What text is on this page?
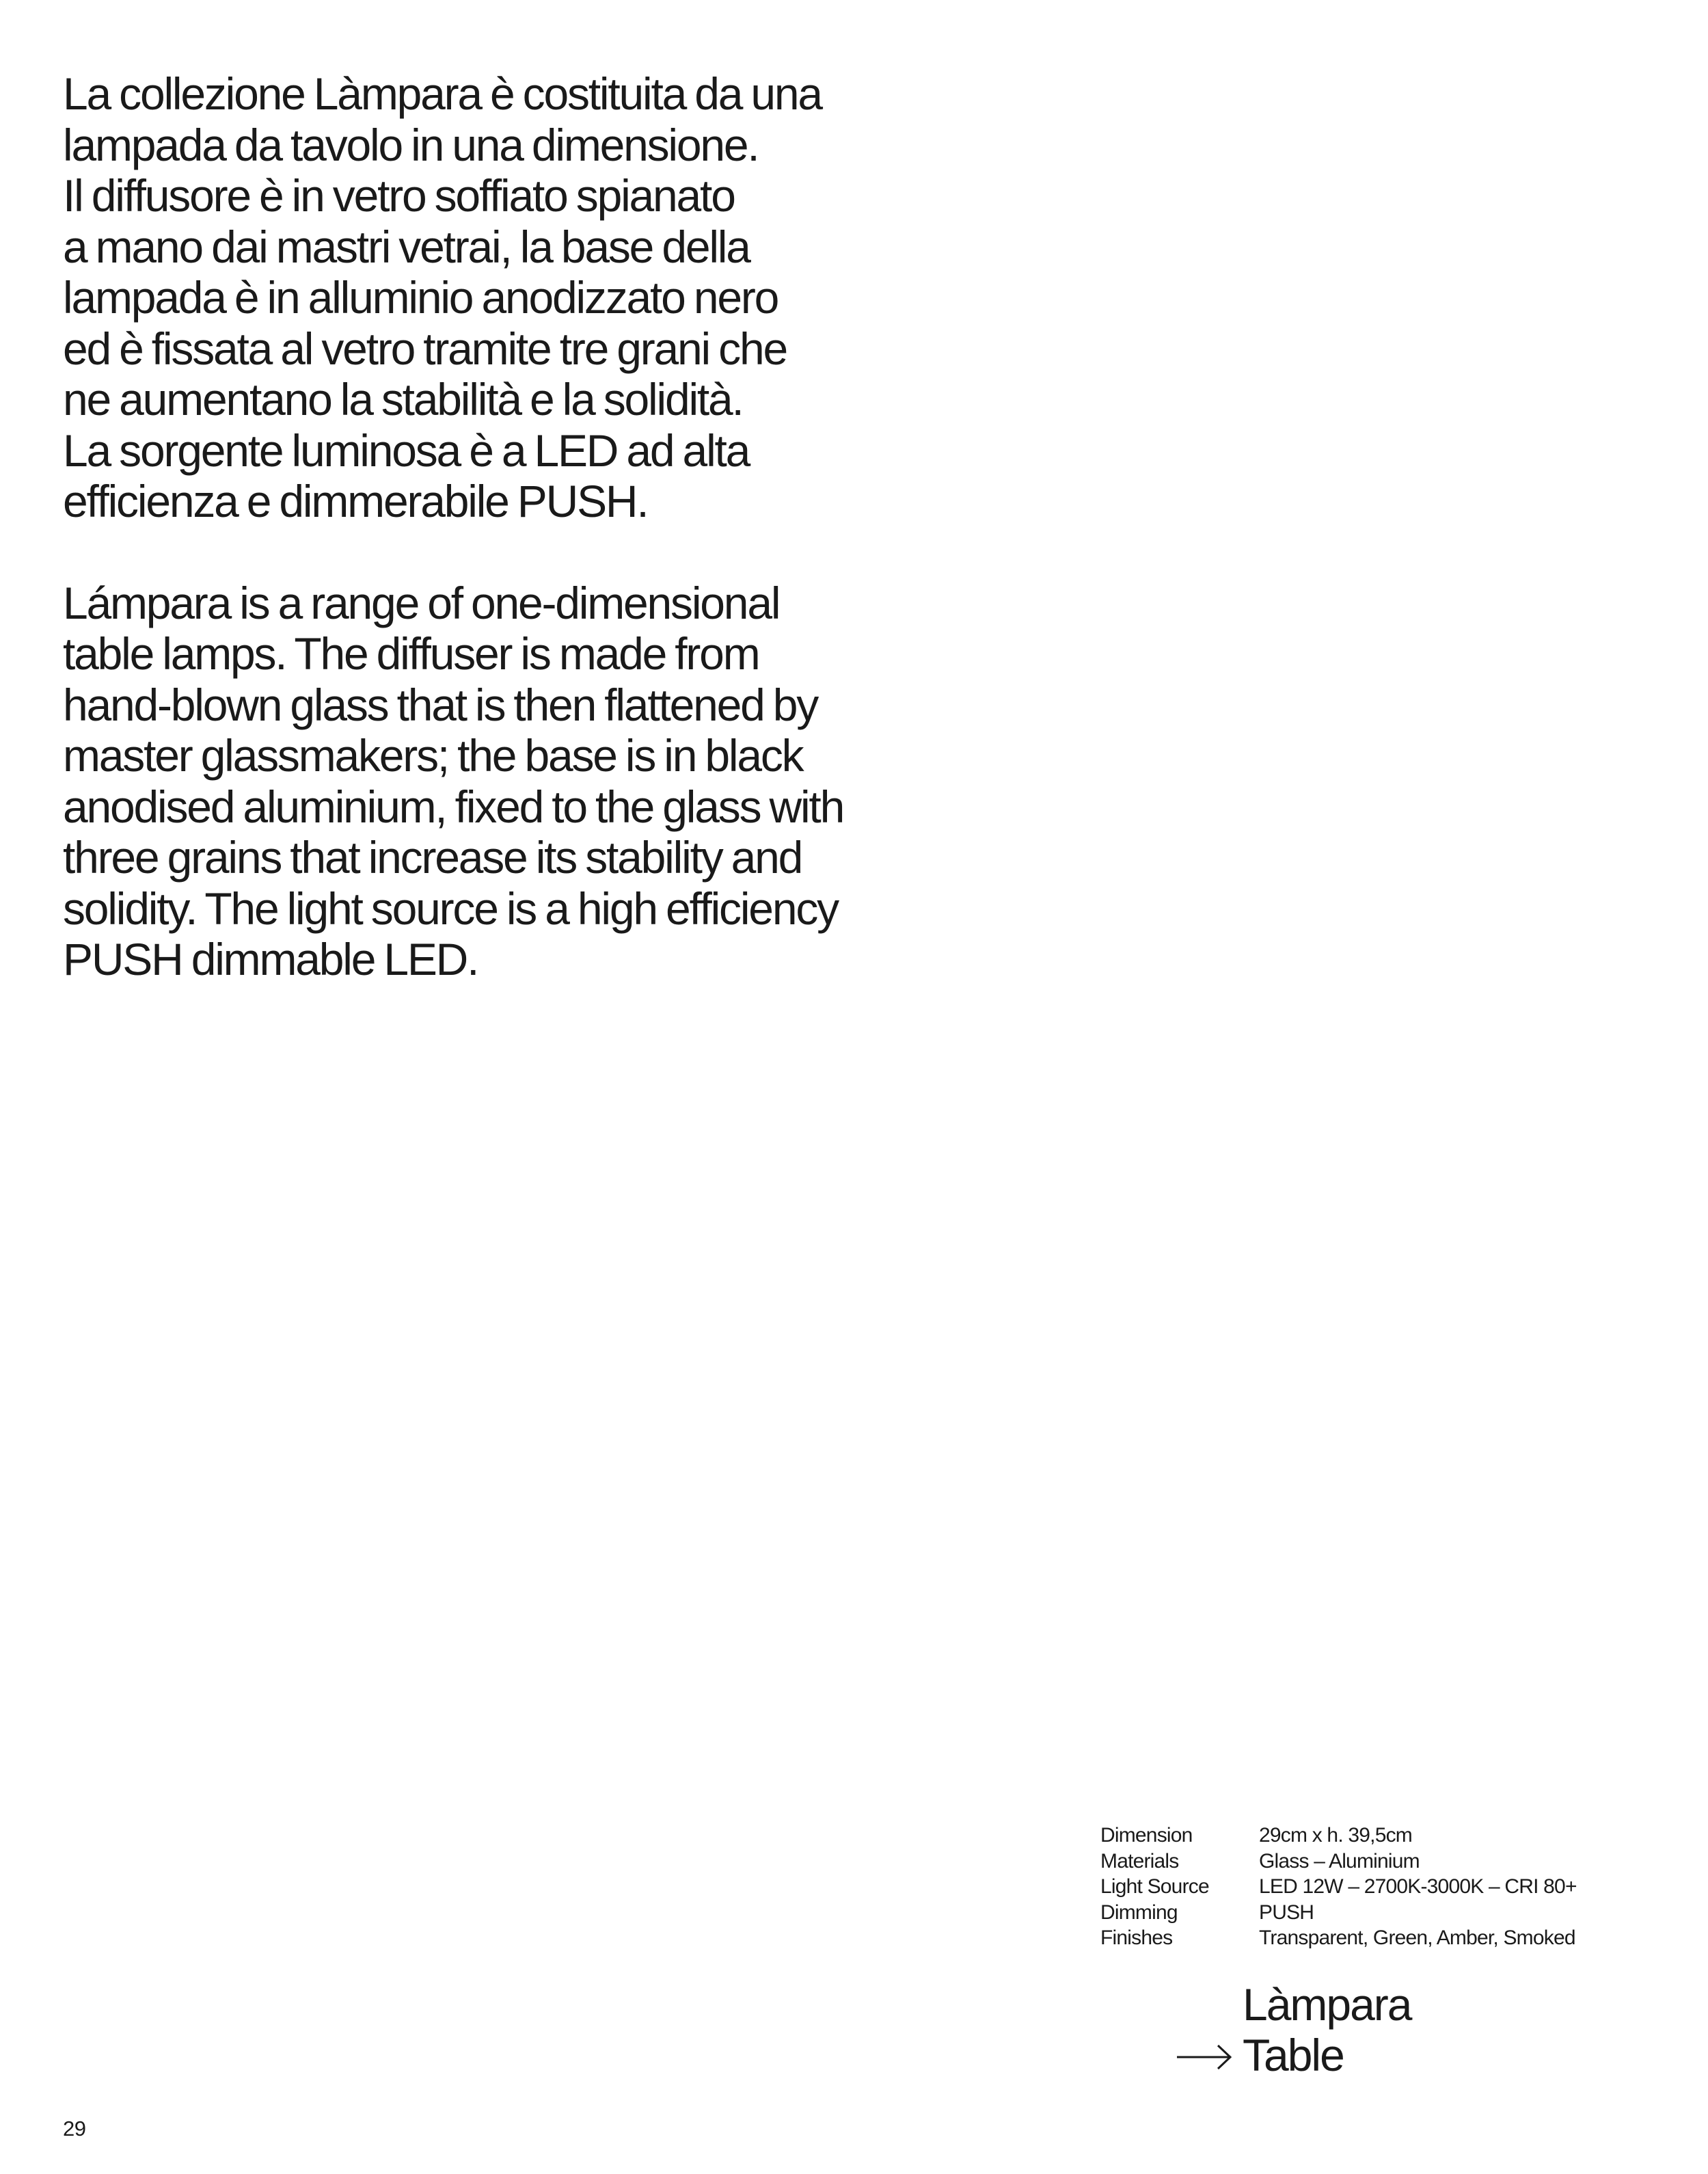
La collezione Làmpara è costituita da una
lampada da tavolo in una dimensione.
Il diffusore è in vetro soffiato spianato
a mano dai mastri vetrai, la base della
lampada è in alluminio anodizzato nero
ed è fissata al vetro tramite tre grani che
ne aumentano la stabilità e la solidità.
La sorgente luminosa è a LED ad alta
efficienza e dimmerabile PUSH.
Lámpara is a range of one-dimensional
table lamps. The diffuser is made from
hand-blown glass that is then flattened by
master glassmakers; the base is in black
anodised aluminium, fixed to the glass with
three grains that increase its stability and
solidity. The light source is a high efficiency
PUSH dimmable LED.
Dimension	29cm x h. 39,5cm
Materials	Glass – Aluminium
Light Source	LED 12W – 2700K-3000K – CRI 80+
Dimming	PUSH
Finishes	Transparent, Green, Amber, Smoked
Làmpara
Table
29
